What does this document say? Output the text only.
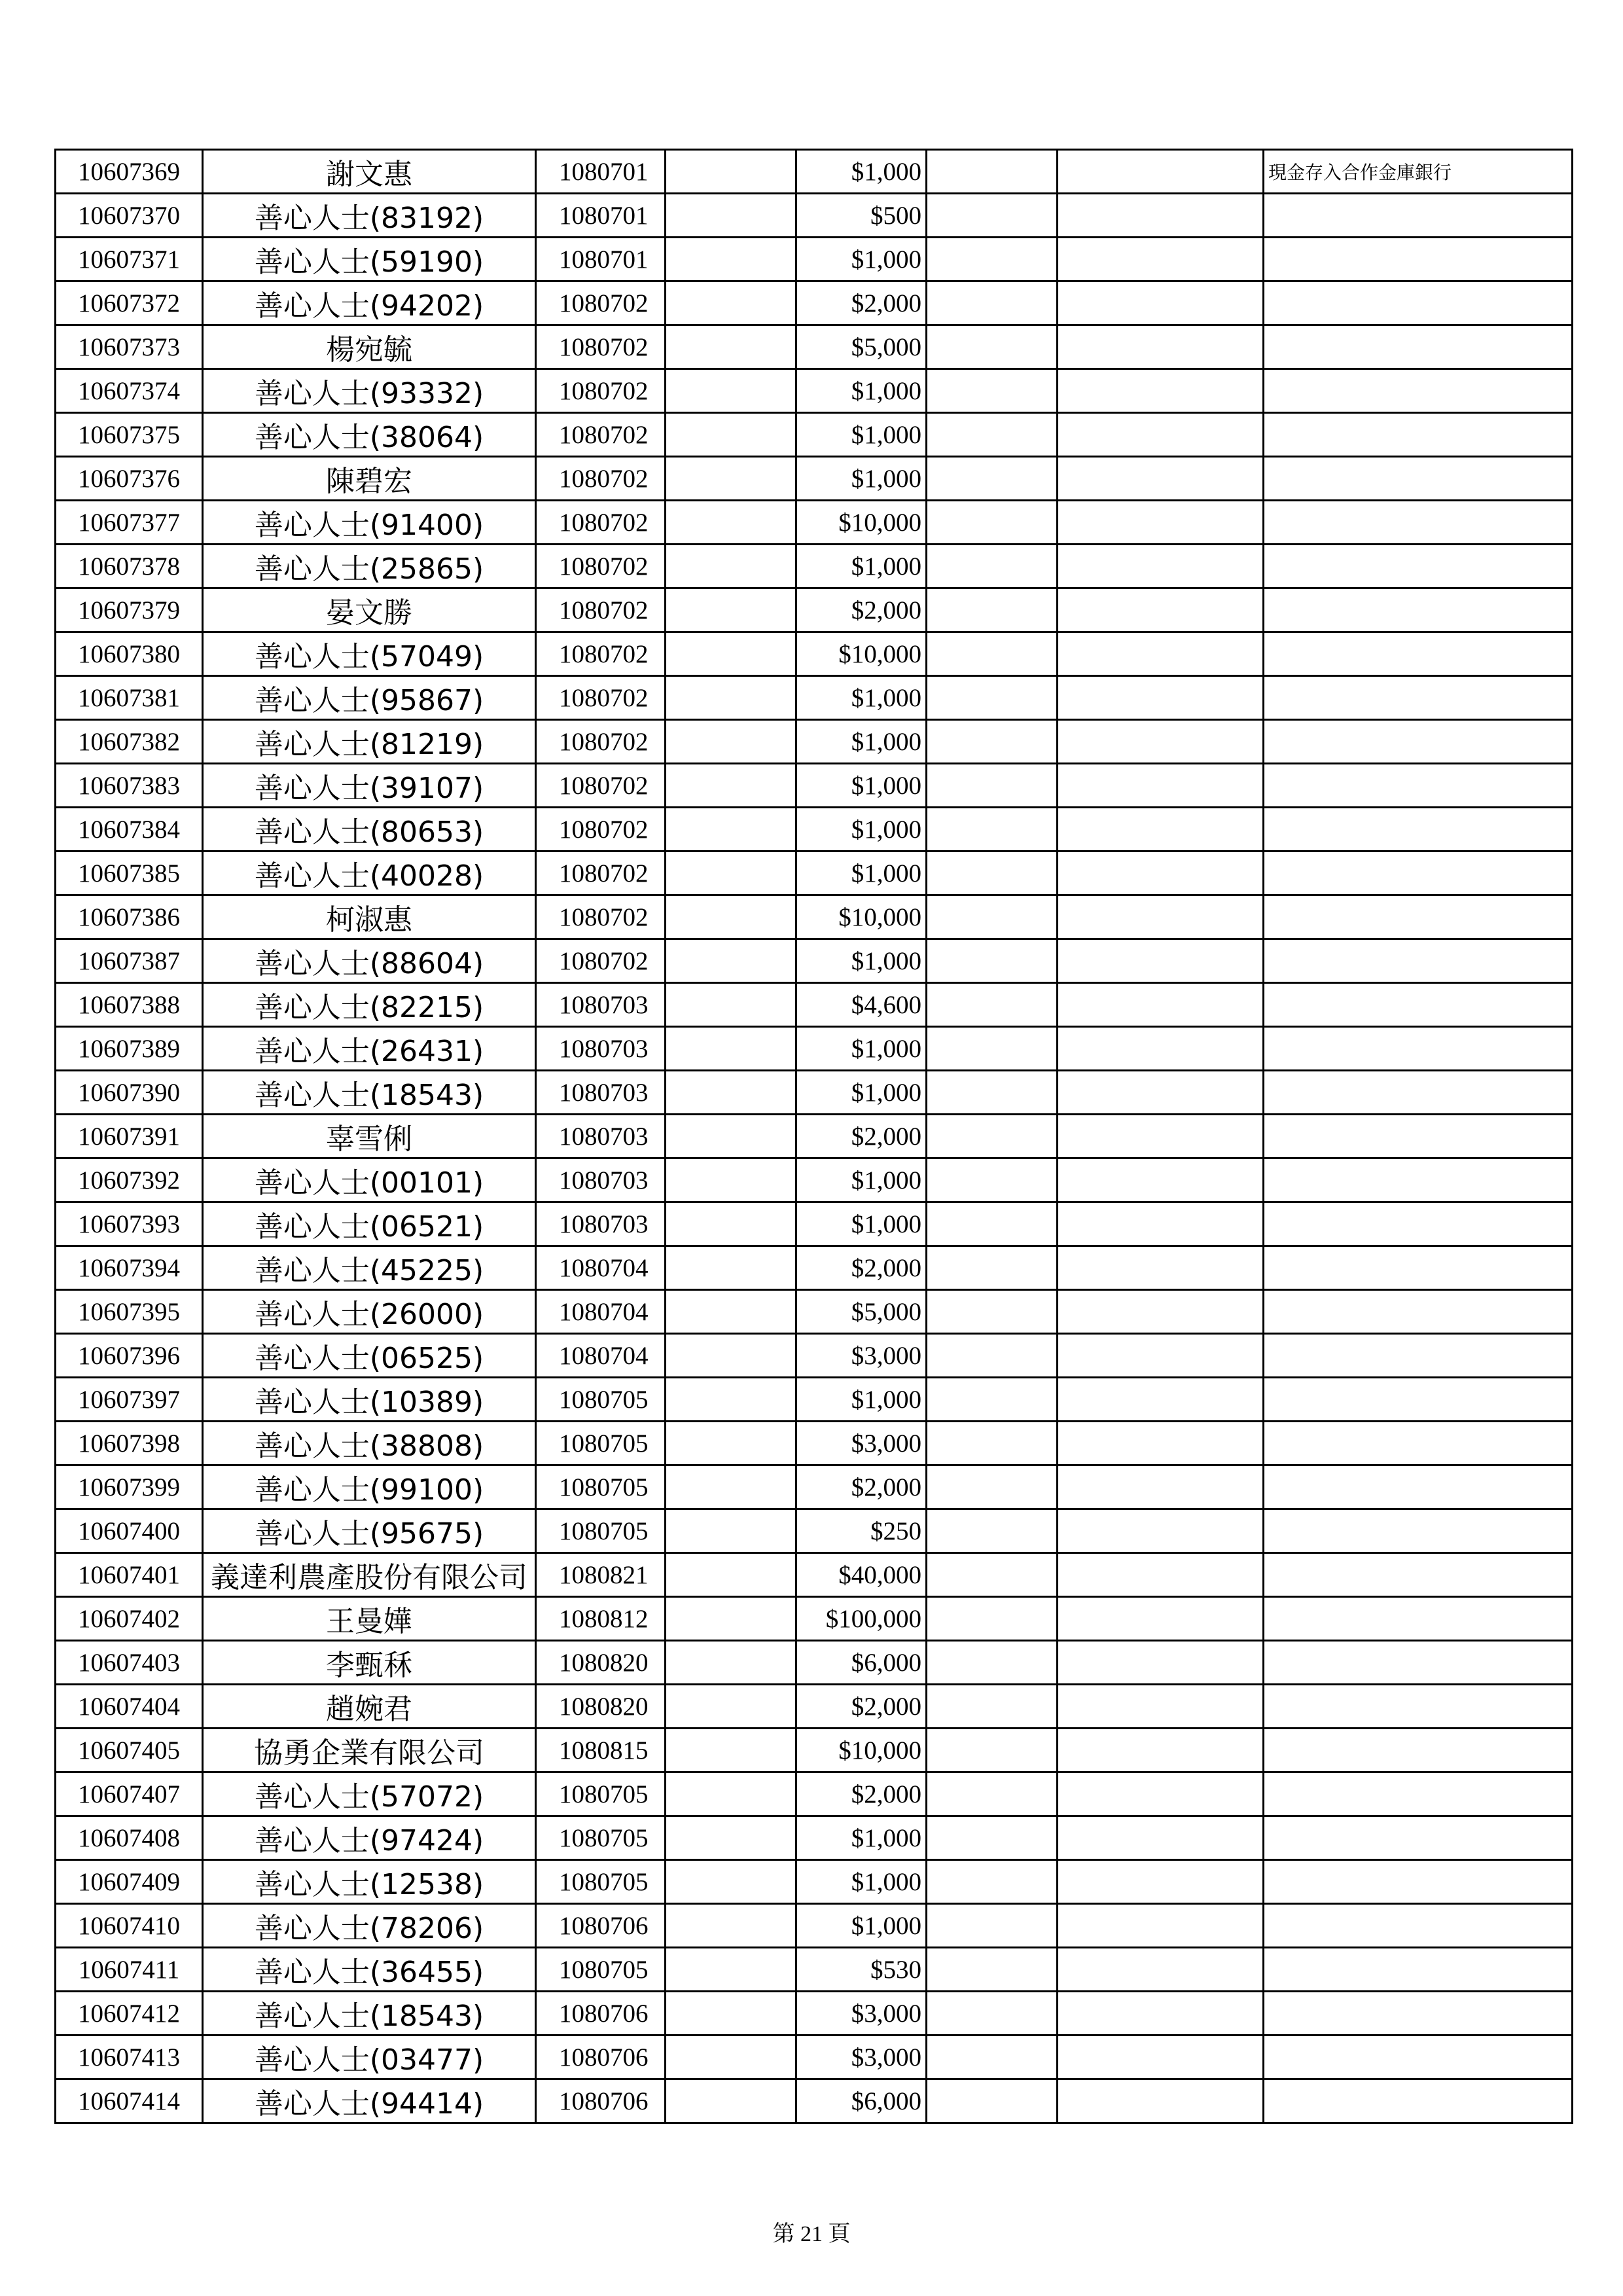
10607369	謝文惠	1080701		$1,000			現金存入合作金庫銀行
10607370	善心人士(83192)	1080701		$500			
10607371	善心人士(59190)	1080701		$1,000			
10607372	善心人士(94202)	1080702		$2,000			
10607373	楊宛毓	1080702		$5,000			
10607374	善心人士(93332)	1080702		$1,000			
10607375	善心人士(38064)	1080702		$1,000			
10607376	陳碧宏	1080702		$1,000			
10607377	善心人士(91400)	1080702		$10,000			
10607378	善心人士(25865)	1080702		$1,000			
10607379	晏文勝	1080702		$2,000			
10607380	善心人士(57049)	1080702		$10,000			
10607381	善心人士(95867)	1080702		$1,000			
10607382	善心人士(81219)	1080702		$1,000			
10607383	善心人士(39107)	1080702		$1,000			
10607384	善心人士(80653)	1080702		$1,000			
10607385	善心人士(40028)	1080702		$1,000			
10607386	柯淑惠	1080702		$10,000			
10607387	善心人士(88604)	1080702		$1,000			
10607388	善心人士(82215)	1080703		$4,600			
10607389	善心人士(26431)	1080703		$1,000			
10607390	善心人士(18543)	1080703		$1,000			
10607391	辜雪俐	1080703		$2,000			
10607392	善心人士(00101)	1080703		$1,000			
10607393	善心人士(06521)	1080703		$1,000			
10607394	善心人士(45225)	1080704		$2,000			
10607395	善心人士(26000)	1080704		$5,000			
10607396	善心人士(06525)	1080704		$3,000			
10607397	善心人士(10389)	1080705		$1,000			
10607398	善心人士(38808)	1080705		$3,000			
10607399	善心人士(99100)	1080705		$2,000			
10607400	善心人士(95675)	1080705		$250			
10607401	義達利農產股份有限公司	1080821		$40,000			
10607402	王曼嬅	1080812		$100,000			
10607403	李甄秝	1080820		$6,000			
10607404	趙婉君	1080820		$2,000			
10607405	協勇企業有限公司	1080815		$10,000			
10607407	善心人士(57072)	1080705		$2,000			
10607408	善心人士(97424)	1080705		$1,000			
10607409	善心人士(12538)	1080705		$1,000			
10607410	善心人士(78206)	1080706		$1,000			
10607411	善心人士(36455)	1080705		$530			
10607412	善心人士(18543)	1080706		$3,000			
10607413	善心人士(03477)	1080706		$3,000			
10607414	善心人士(94414)	1080706		$6,000			
第 21 頁
